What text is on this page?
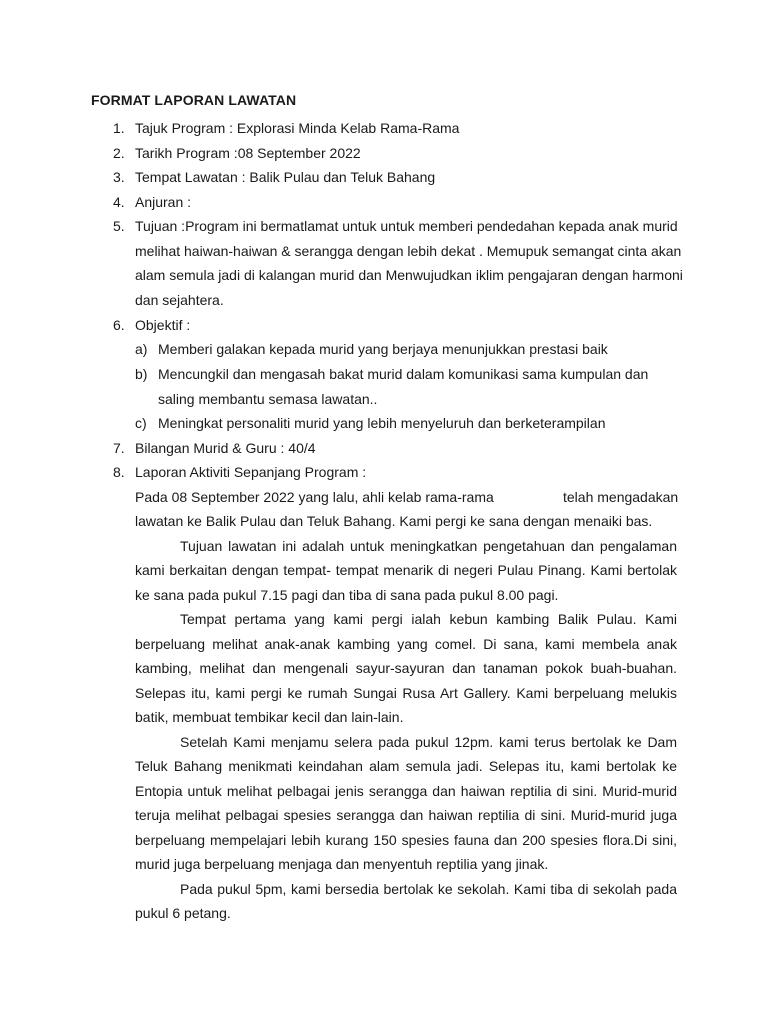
FORMAT LAPORAN LAWATAN
1. Tajuk Program : Explorasi Minda Kelab Rama-Rama
2. Tarikh Program :08 September 2022
3. Tempat Lawatan : Balik Pulau dan Teluk Bahang
4. Anjuran :
5. Tujuan :Program ini bermatlamat untuk untuk memberi pendedahan kepada anak murid
melihat haiwan-haiwan & serangga dengan lebih dekat . Memupuk semangat cinta akan
alam semula jadi di kalangan murid dan Menwujudkan iklim pengajaran dengan harmoni
dan sejahtera.
6. Objektif :
a) Memberi galakan kepada murid yang berjaya menunjukkan prestasi baik
b) Mencungkil dan mengasah bakat murid dalam komunikasi sama kumpulan dan
saling membantu semasa lawatan..
c) Meningkat personaliti murid yang lebih menyeluruh dan berketerampilan
7. Bilangan Murid & Guru : 40/4
8. Laporan Aktiviti Sepanjang Program :
Pada 08 September 2022 yang lalu, ahli kelab rama-rama	telah mengadakan
lawatan ke Balik Pulau dan Teluk Bahang. Kami pergi ke sana dengan menaiki bas.
Tujuan lawatan ini adalah untuk meningkatkan pengetahuan dan pengalaman
kami berkaitan dengan tempat- tempat menarik di negeri Pulau Pinang. Kami bertolak
ke sana pada pukul 7.15 pagi dan tiba di sana pada pukul 8.00 pagi.
Tempat pertama yang kami pergi ialah kebun kambing Balik Pulau. Kami
berpeluang melihat anak-anak kambing yang comel. Di sana, kami membela anak
kambing, melihat dan mengenali sayur-sayuran dan tanaman pokok buah-buahan.
Selepas itu, kami pergi ke rumah Sungai Rusa Art Gallery. Kami berpeluang melukis
batik, membuat tembikar kecil dan lain-lain.
Setelah Kami menjamu selera pada pukul 12pm. kami terus bertolak ke Dam
Teluk Bahang menikmati keindahan alam semula jadi. Selepas itu, kami bertolak ke
Entopia untuk melihat pelbagai jenis serangga dan haiwan reptilia di sini. Murid-murid
teruja melihat pelbagai spesies serangga dan haiwan reptilia di sini. Murid-murid juga
berpeluang mempelajari lebih kurang 150 spesies fauna dan 200 spesies flora.Di sini,
murid juga berpeluang menjaga dan menyentuh reptilia yang jinak.
Pada pukul 5pm, kami bersedia bertolak ke sekolah. Kami tiba di sekolah pada
pukul 6 petang.
